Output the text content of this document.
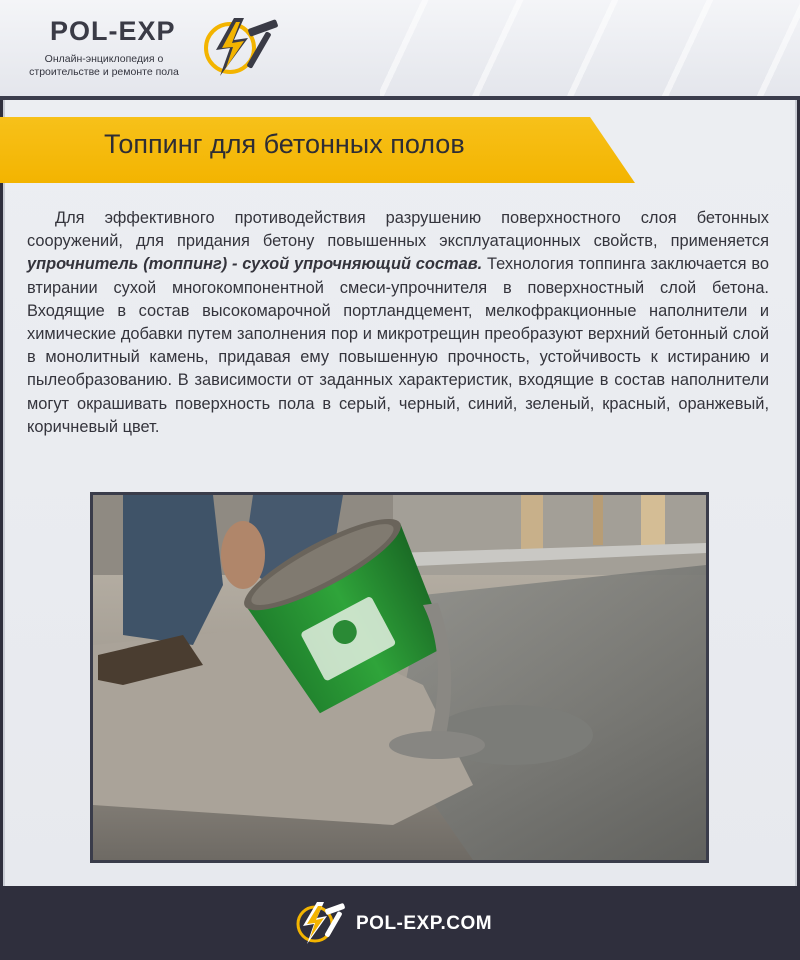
POL-EXP
Онлайн-энциклопедия о
строительстве и ремонте пола
Топпинг для бетонных полов

Для эффективного противодействия разрушению поверхностного слоя бетонных сооружений, для придания бетону повышенных эксплуатационных свойств, применяется упрочнитель (топпинг) - сухой упрочняющий состав. Технология топпинга заключается во втирании сухой многокомпонентной смеси-упрочнителя в поверхностный слой бетона. Входящие в состав высокомарочной портландцемент, мелкофракционные наполнители и химические добавки путем заполнения пор и микротрещин преобразуют верхний бетонный слой в монолитный камень, придавая ему повышенную прочность, устойчивость к истиранию и пылеобразованию. В зависимости от заданных характеристик, входящие в состав наполнители могут окрашивать поверхность пола в серый, черный, синий, зеленый, красный, оранжевый, коричневый цвет.

POL-EXP.COM
